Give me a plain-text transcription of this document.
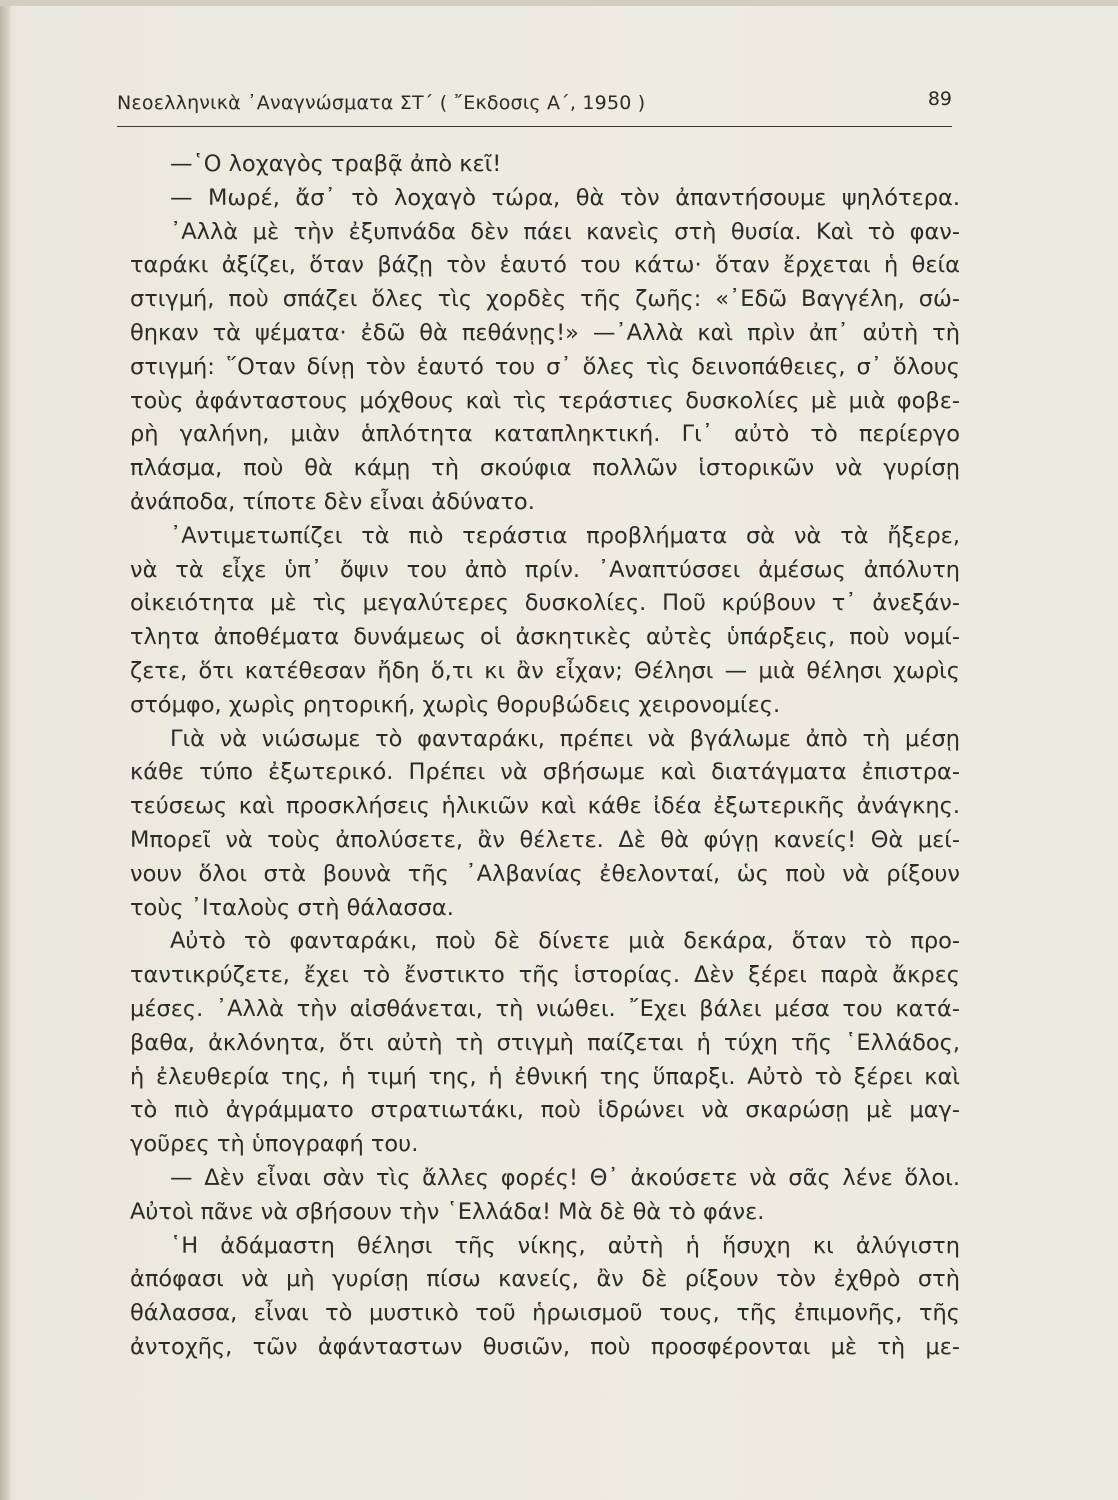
Νεοελληνικὰ ᾿Αναγνώσματα ΣΤ΄ ( ῎Εκδοσις Α΄, 1950 )	89
—῾Ο λοχαγὸς τραβᾷ ἀπὸ κεῖ!
— Μωρέ, ἄσ᾿ τὸ λοχαγὸ τώρα, θὰ τὸν ἀπαντήσουμε ψηλότερα.
᾿Αλλὰ μὲ τὴν ἐξυπνάδα δὲν πάει κανεὶς στὴ θυσία. Καὶ τὸ φαν-
ταράκι ἀξίζει, ὅταν βάζῃ τὸν ἑαυτό του κάτω· ὅταν ἔρχεται ἡ θεία
στιγμή, ποὺ σπάζει ὅλες τὶς χορδὲς τῆς ζωῆς: «᾿Εδῶ Βαγγέλη, σώ-
θηκαν τὰ ψέματα· ἐδῶ θὰ πεθάνῃς!» —᾿Αλλὰ καὶ πρὶν ἀπ᾿ αὐτὴ τὴ
στιγμή: ῞Οταν δίνῃ τὸν ἑαυτό του σ᾿ ὅλες τὶς δεινοπάθειες, σ᾿ ὅλους
τοὺς ἀφάνταστους μόχθους καὶ τὶς τεράστιες δυσκολίες μὲ μιὰ φοβε-
ρὴ γαλήνη, μιὰν ἁπλότητα καταπληκτική. Γι᾿ αὐτὸ τὸ περίεργο
πλάσμα, ποὺ θὰ κάμῃ τὴ σκούφια πολλῶν ἱστορικῶν νὰ γυρίσῃ
ἀνάποδα, τίποτε δὲν εἶναι ἀδύνατο.
᾿Αντιμετωπίζει τὰ πιὸ τεράστια προβλήματα σὰ νὰ τὰ ἤξερε,
νὰ τὰ εἶχε ὑπ᾿ ὄψιν του ἀπὸ πρίν. ᾿Αναπτύσσει ἀμέσως ἀπόλυτη
οἰκειότητα μὲ τὶς μεγαλύτερες δυσκολίες. Ποῦ κρύβουν τ᾿ ἀνεξάν-
τλητα ἀποθέματα δυνάμεως οἱ ἀσκητικὲς αὐτὲς ὑπάρξεις, ποὺ νομί-
ζετε, ὅτι κατέθεσαν ἤδη ὅ,τι κι ἂν εἶχαν; Θέλησι — μιὰ θέλησι χωρὶς
στόμφο, χωρὶς ρητορική, χωρὶς θορυβώδεις χειρονομίες.
Γιὰ νὰ νιώσωμε τὸ φανταράκι, πρέπει νὰ βγάλωμε ἀπὸ τὴ μέσῃ
κάθε τύπο ἐξωτερικό. Πρέπει νὰ σβήσωμε καὶ διατάγματα ἐπιστρα-
τεύσεως καὶ προσκλήσεις ἡλικιῶν καὶ κάθε ἰδέα ἐξωτερικῆς ἀνάγκης.
Μπορεῖ νὰ τοὺς ἀπολύσετε, ἂν θέλετε. Δὲ θὰ φύγῃ κανείς! Θὰ μεί-
νουν ὅλοι στὰ βουνὰ τῆς ᾿Αλβανίας ἐθελονταί, ὡς ποὺ νὰ ρίξουν
τοὺς ᾿Ιταλοὺς στὴ θάλασσα.
Αὐτὸ τὸ φανταράκι, ποὺ δὲ δίνετε μιὰ δεκάρα, ὅταν τὸ προ-
ταντικρύζετε, ἔχει τὸ ἔνστικτο τῆς ἱστορίας. Δὲν ξέρει παρὰ ἄκρες
μέσες. ᾿Αλλὰ τὴν αἰσθάνεται, τὴ νιώθει. ῎Εχει βάλει μέσα του κατά-
βαθα, ἀκλόνητα, ὅτι αὐτὴ τὴ στιγμὴ παίζεται ἡ τύχη τῆς ῾Ελλάδος,
ἡ ἐλευθερία της, ἡ τιμή της, ἡ ἐθνική της ὕπαρξι. Αὐτὸ τὸ ξέρει καὶ
τὸ πιὸ ἀγράμματο στρατιωτάκι, ποὺ ἱδρώνει νὰ σκαρώσῃ μὲ μαγ-
γοῦρες τὴ ὑπογραφή του.
— Δὲν εἶναι σὰν τὶς ἄλλες φορές! Θ᾿ ἀκούσετε νὰ σᾶς λένε ὅλοι.
Αὐτοὶ πᾶνε νὰ σβήσουν τὴν ῾Ελλάδα! Μὰ δὲ θὰ τὸ φάνε.
῾Η ἀδάμαστη θέλησι τῆς νίκης, αὐτὴ ἡ ἥσυχη κι ἀλύγιστη
ἀπόφασι νὰ μὴ γυρίσῃ πίσω κανείς, ἂν δὲ ρίξουν τὸν ἐχθρὸ στὴ
θάλασσα, εἶναι τὸ μυστικὸ τοῦ ἡρωισμοῦ τους, τῆς ἐπιμονῆς, τῆς
ἀντοχῆς, τῶν ἀφάνταστων θυσιῶν, ποὺ προσφέρονται μὲ τὴ με-
